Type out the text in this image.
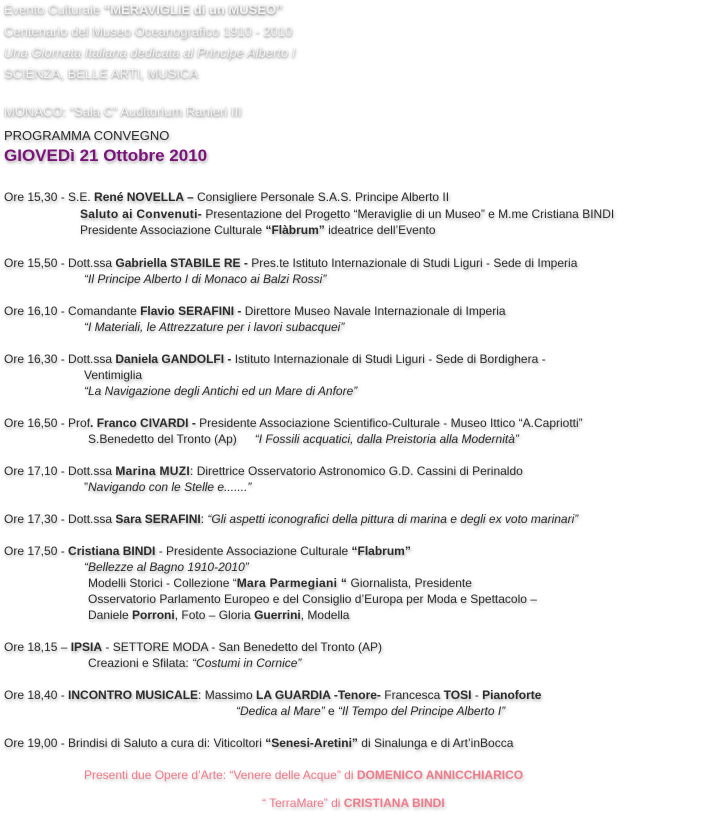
Evento Culturale “MERAVIGLIE di un MUSEO”
Centenario del Museo Oceanografico 1910 - 2010
Una Giornata Italiana dedicata al Principe Alberto I
SCIENZA, BELLE ARTI, MUSICA
MONACO: “Sala C” Auditorium Ranieri III
PROGRAMMA CONVEGNO
GIOVEDì 21 Ottobre 2010
Ore 15,30 - S.E. René NOVELLA – Consigliere Personale S.A.S. Principe Alberto II
Saluto ai Convenuti- Presentazione del Progetto “Meraviglie di un Museo” e M.me Cristiana BINDI
Presidente Associazione Culturale “Flàbrum” ideatrice dell’Evento
Ore 15,50 - Dott.ssa Gabriella STABILE RE - Pres.te Istituto Internazionale di Studi Liguri - Sede di Imperia
“Il Principe Alberto I di Monaco ai Balzi Rossi”
Ore 16,10 - Comandante Flavio SERAFINI - Direttore Museo Navale Internazionale di Imperia
“I Materiali, le Attrezzature per i lavori subacquei”
Ore 16,30 - Dott.ssa Daniela GANDOLFI - Istituto Internazionale di Studi Liguri - Sede di Bordighera -
Ventimiglia
“La Navigazione degli Antichi ed un Mare di Anfore”
Ore 16,50 - Prof. Franco CIVARDI - Presidente Associazione Scientifico-Culturale - Museo Ittico “A.Capriotti”
S.Benedetto del Tronto (Ap) “I Fossili acquatici, dalla Preistoria alla Modernità”
Ore 17,10 - Dott.ssa Marina MUZI: Direttrice Osservatorio Astronomico G.D. Cassini di Perinaldo
”Navigando con le Stelle e.......”
Ore 17,30 - Dott.ssa Sara SERAFINI: “Gli aspetti iconografici della pittura di marina e degli ex voto marinari”
Ore 17,50 - Cristiana BINDI - Presidente Associazione Culturale “Flabrum”
“Bellezze al Bagno 1910-2010”
Modelli Storici - Collezione “Mara Parmegiani “ Giornalista, Presidente
Osservatorio Parlamento Europeo e del Consiglio d’Europa per Moda e Spettacolo –
Daniele Porroni, Foto – Gloria Guerrini, Modella
Ore 18,15 – IPSIA - SETTORE MODA - San Benedetto del Tronto (AP)
Creazioni e Sfilata: “Costumi in Cornice”
Ore 18,40 - INCONTRO MUSICALE: Massimo LA GUARDIA -Tenore- Francesca TOSI - Pianoforte
“Dedica al Mare” e “Il Tempo del Principe Alberto I”
Ore 19,00 - Brindisi di Saluto a cura di: Viticoltori “Senesi-Aretini” di Sinalunga e di Art’inBocca
Presenti due Opere d’Arte: “Venere delle Acque” di DOMENICO ANNICCHIARICO
“ TerraMare” di CRISTIANA BINDI
